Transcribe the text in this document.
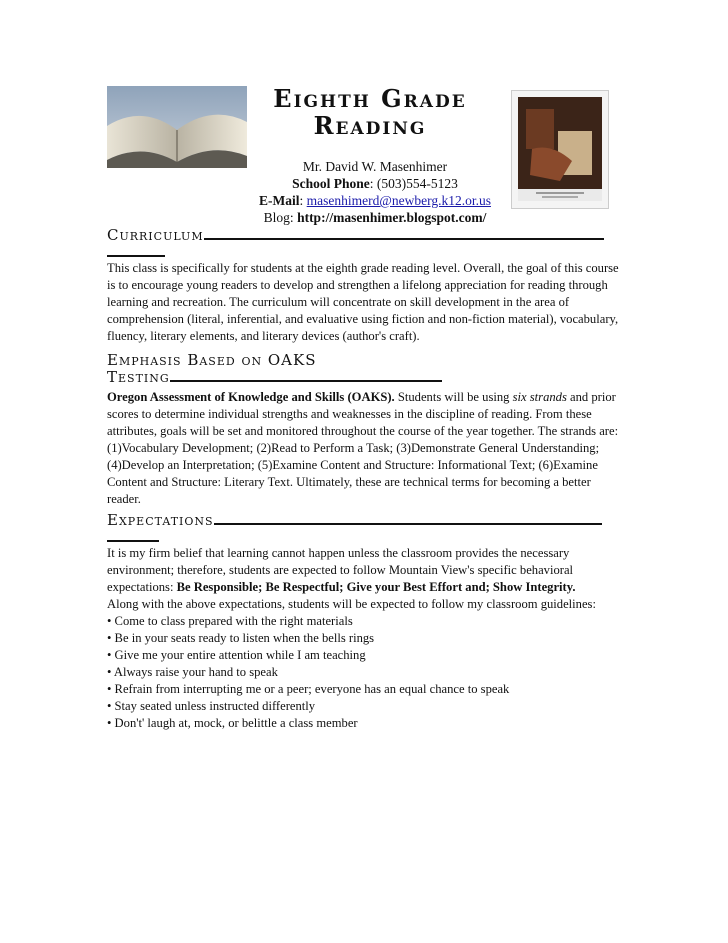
Eighth Grade
Reading
Mr. David W. Masenhimer
School Phone: (503)554-5123
E-Mail: masenhimerd@newberg.k12.or.us
Blog: http://masenhimer.blogspot.com/
Curriculum

This class is specifically for students at the eighth grade reading level. Overall, the goal of this course is to encourage young readers to develop and strengthen a lifelong appreciation for reading through learning and recreation. The curriculum will concentrate on skill development in the area of comprehension (literal, inferential, and evaluative using fiction and non-fiction material), vocabulary, fluency, literary elements, and literary devices (author's craft).

Emphasis Based on OAKS
Testing

Oregon Assessment of Knowledge and Skills (OAKS). Students will be using six strands and prior scores to determine individual strengths and weaknesses in the discipline of reading. From these attributes, goals will be set and monitored throughout the course of the year together. The strands are: (1)Vocabulary Development; (2)Read to Perform a Task; (3)Demonstrate General Understanding; (4)Develop an Interpretation; (5)Examine Content and Structure: Informational Text; (6)Examine Content and Structure: Literary Text. Ultimately, these are technical terms for becoming a better reader.

Expectations

It is my firm belief that learning cannot happen unless the classroom provides the necessary environment; therefore, students are expected to follow Mountain View's specific behavioral expectations: Be Responsible; Be Respectful; Give your Best Effort and; Show Integrity.

Along with the above expectations, students will be expected to follow my classroom guidelines:

• Come to class prepared with the right materials
• Be in your seats ready to listen when the bells rings
• Give me your entire attention while I am teaching
• Always raise your hand to speak
• Refrain from interrupting me or a peer; everyone has an equal chance to speak
• Stay seated unless instructed differently
• Don't' laugh at, mock, or belittle a class member
